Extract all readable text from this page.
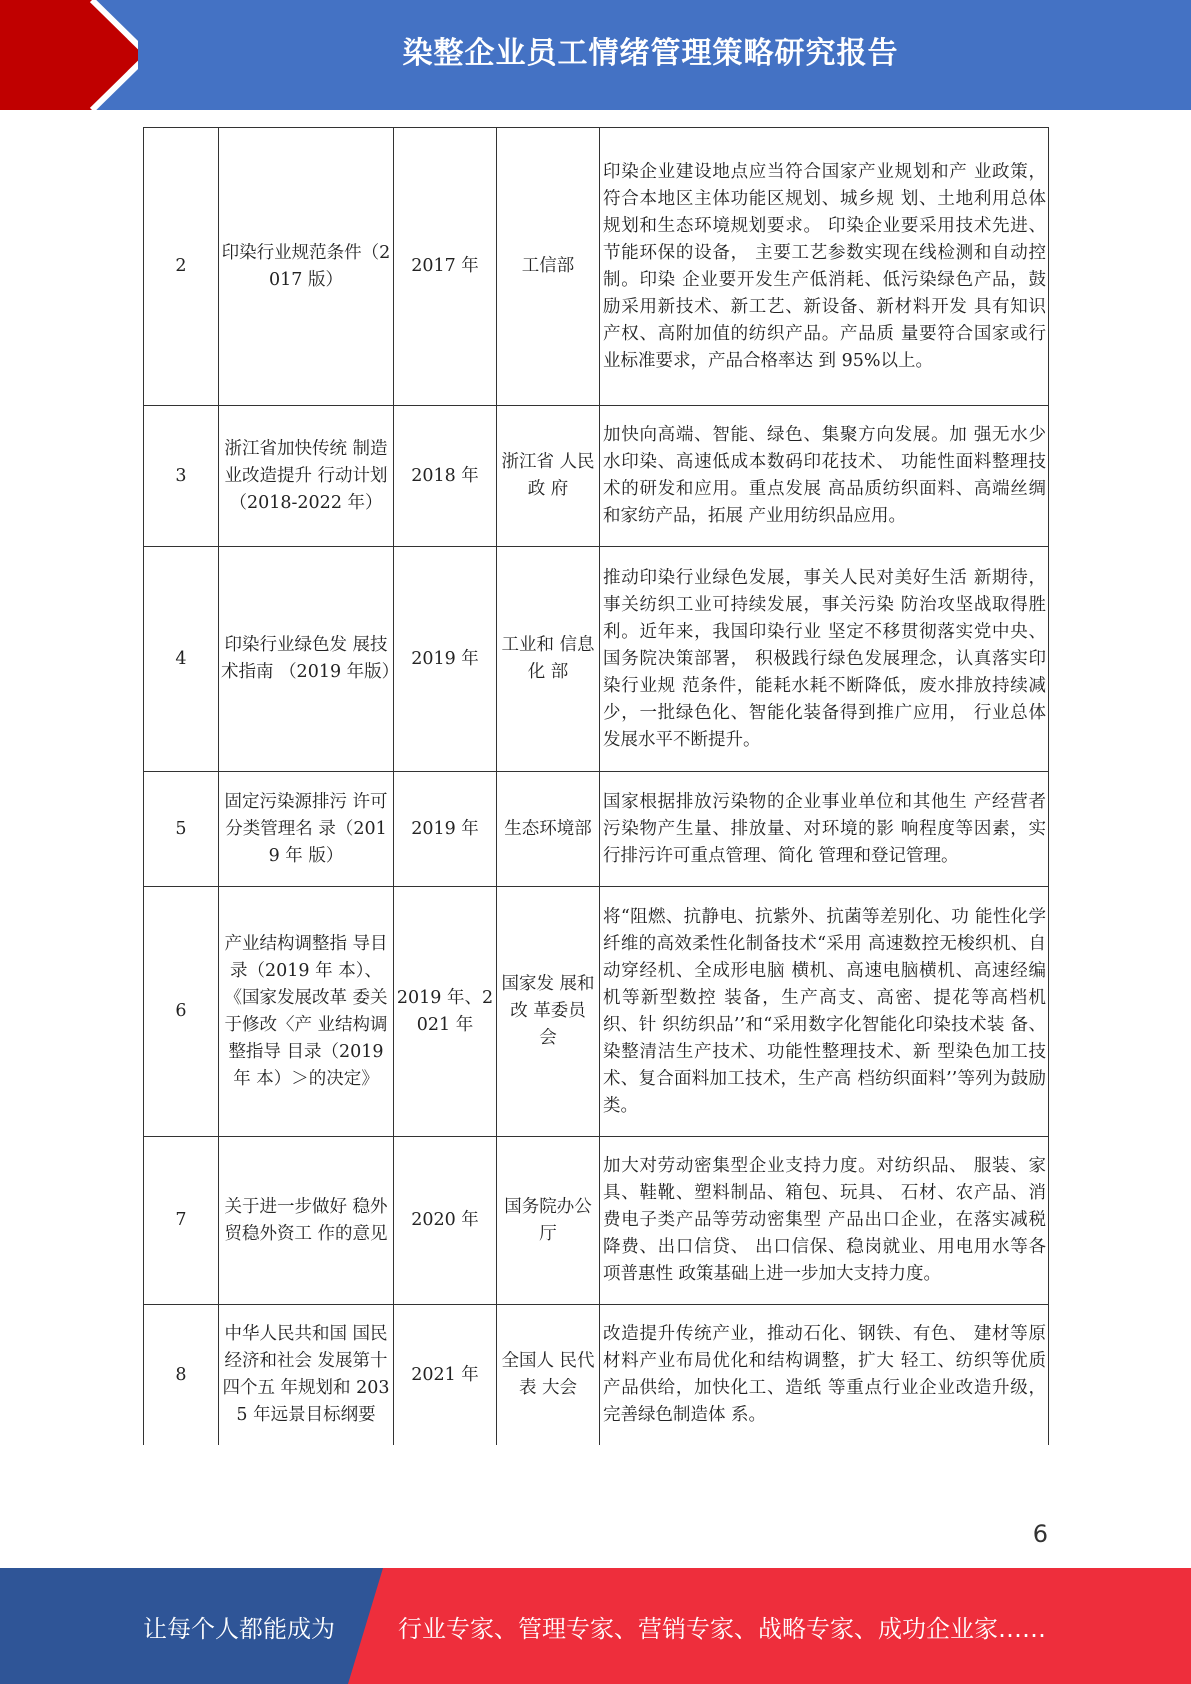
染整企业员工情绪管理策略研究报告
2	印染行业规范条件（2017 版）	2017 年	工信部	印染企业建设地点应当符合国家产业规划和产 业政策，符合本地区主体功能区规划、城乡规 划、土地利用总体规划和生态环境规划要求。 印染企业要采用技术先进、节能环保的设备， 主要工艺参数实现在线检测和自动控制。印染 企业要开发生产低消耗、低污染绿色产品，鼓 励采用新技术、新工艺、新设备、新材料开发 具有知识产权、高附加值的纺织产品。产品质 量要符合国家或行业标准要求，产品合格率达 到 95%以上。
3	浙江省加快传统 制造业改造提升 行动计划 （2018-2022 年）	2018 年	浙江省 人民政 府	加快向高端、智能、绿色、集聚方向发展。加 强无水少水印染、高速低成本数码印花技术、 功能性面料整理技术的研发和应用。重点发展 高品质纺织面料、高端丝绸和家纺产品，拓展 产业用纺织品应用。
4	印染行业绿色发 展技术指南 （2019 年版）	2019 年	工业和 信息化 部	推动印染行业绿色发展，事关人民对美好生活 新期待，事关纺织工业可持续发展，事关污染 防治攻坚战取得胜利。近年来，我国印染行业 坚定不移贯彻落实党中央、国务院决策部署， 积极践行绿色发展理念，认真落实印染行业规 范条件，能耗水耗不断降低，废水排放持续减 少，一批绿色化、智能化装备得到推广应用， 行业总体发展水平不断提升。
5	固定污染源排污 许可分类管理名 录（2019 年 版）	2019 年	生态环境部	国家根据排放污染物的企业事业单位和其他生 产经营者污染物产生量、排放量、对环境的影 响程度等因素，实行排污许可重点管理、简化 管理和登记管理。
6	产业结构调整指 导目录（2019 年 本）、《国家发展改革 委关于修改〈产 业结构调整指导 目录（2019 年 本）＞的决定》	2019 年、2021 年	国家发 展和改 革委员 会	将“阻燃、抗静电、抗紫外、抗菌等差别化、功 能性化学纤维的高效柔性化制备技术“采用 高速数控无梭织机、自动穿经机、全成形电脑 横机、高速电脑横机、高速经编机等新型数控 装备，生产高支、高密、提花等高档机织、针 织纺织品’’和“采用数字化智能化印染技术装 备、染整清洁生产技术、功能性整理技术、新 型染色加工技术、复合面料加工技术，生产高 档纺织面料’’等列为鼓励类。
7	关于进一步做好 稳外贸稳外资工 作的意见	2020 年	国务院办公厅	加大对劳动密集型企业支持力度。对纺织品、 服装、家具、鞋靴、塑料制品、箱包、玩具、 石材、农产品、消费电子类产品等劳动密集型 产品出口企业，在落实减税降费、出口信贷、 出口信保、稳岗就业、用电用水等各项普惠性 政策基础上进一步加大支持力度。
8	中华人民共和国 国民经济和社会 发展第十四个五 年规划和 2035 年远景目标纲要	2021 年	全国人 民代表 大会	改造提升传统产业，推动石化、钢铁、有色、 建材等原材料产业布局优化和结构调整，扩大 轻工、纺织等优质产品供给，加快化工、造纸 等重点行业企业改造升级，完善绿色制造体 系。
6
让每个人都能成为	行业专家、管理专家、营销专家、战略专家、成功企业家……
